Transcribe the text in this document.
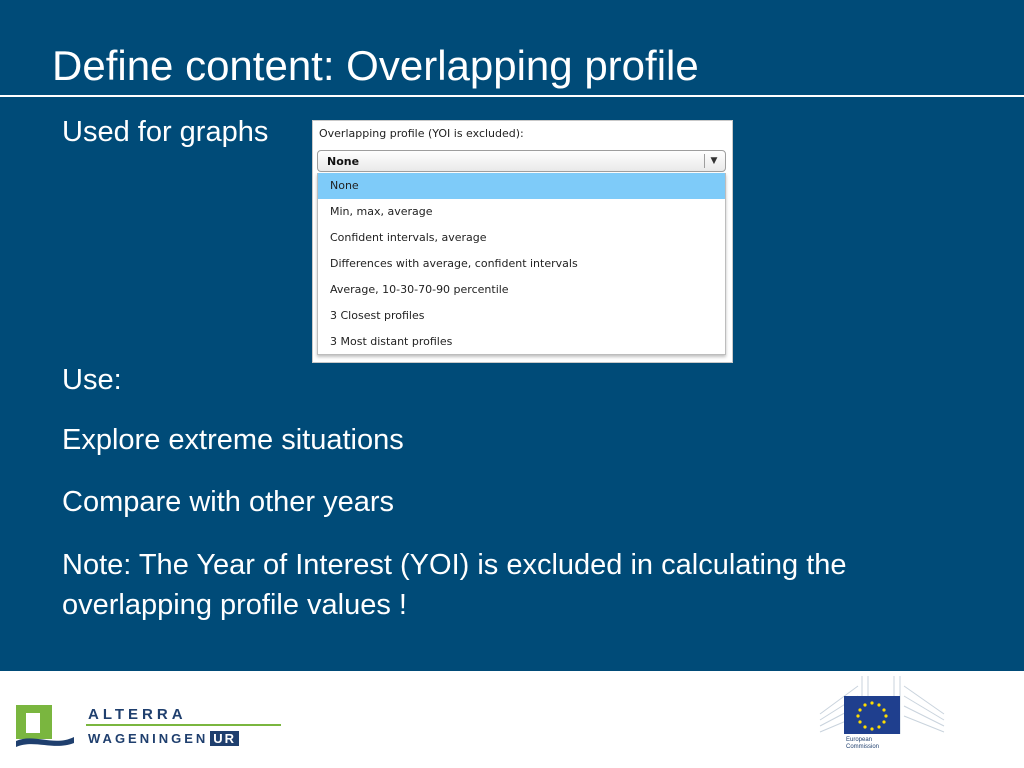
Define content: Overlapping profile
Used for graphs
Use:
Explore extreme situations
Compare with other years
Note: The Year of Interest (YOI) is excluded in calculating the overlapping profile values !
Overlapping profile (YOI is excluded):
None	▼
None
Min, max, average
Confident intervals, average
Differences with average, confident intervals
Average, 10-30-70-90 percentile
3 Closest profiles
3 Most distant profiles
ALTERRA
WAGENINGEN UR	European
Commission
